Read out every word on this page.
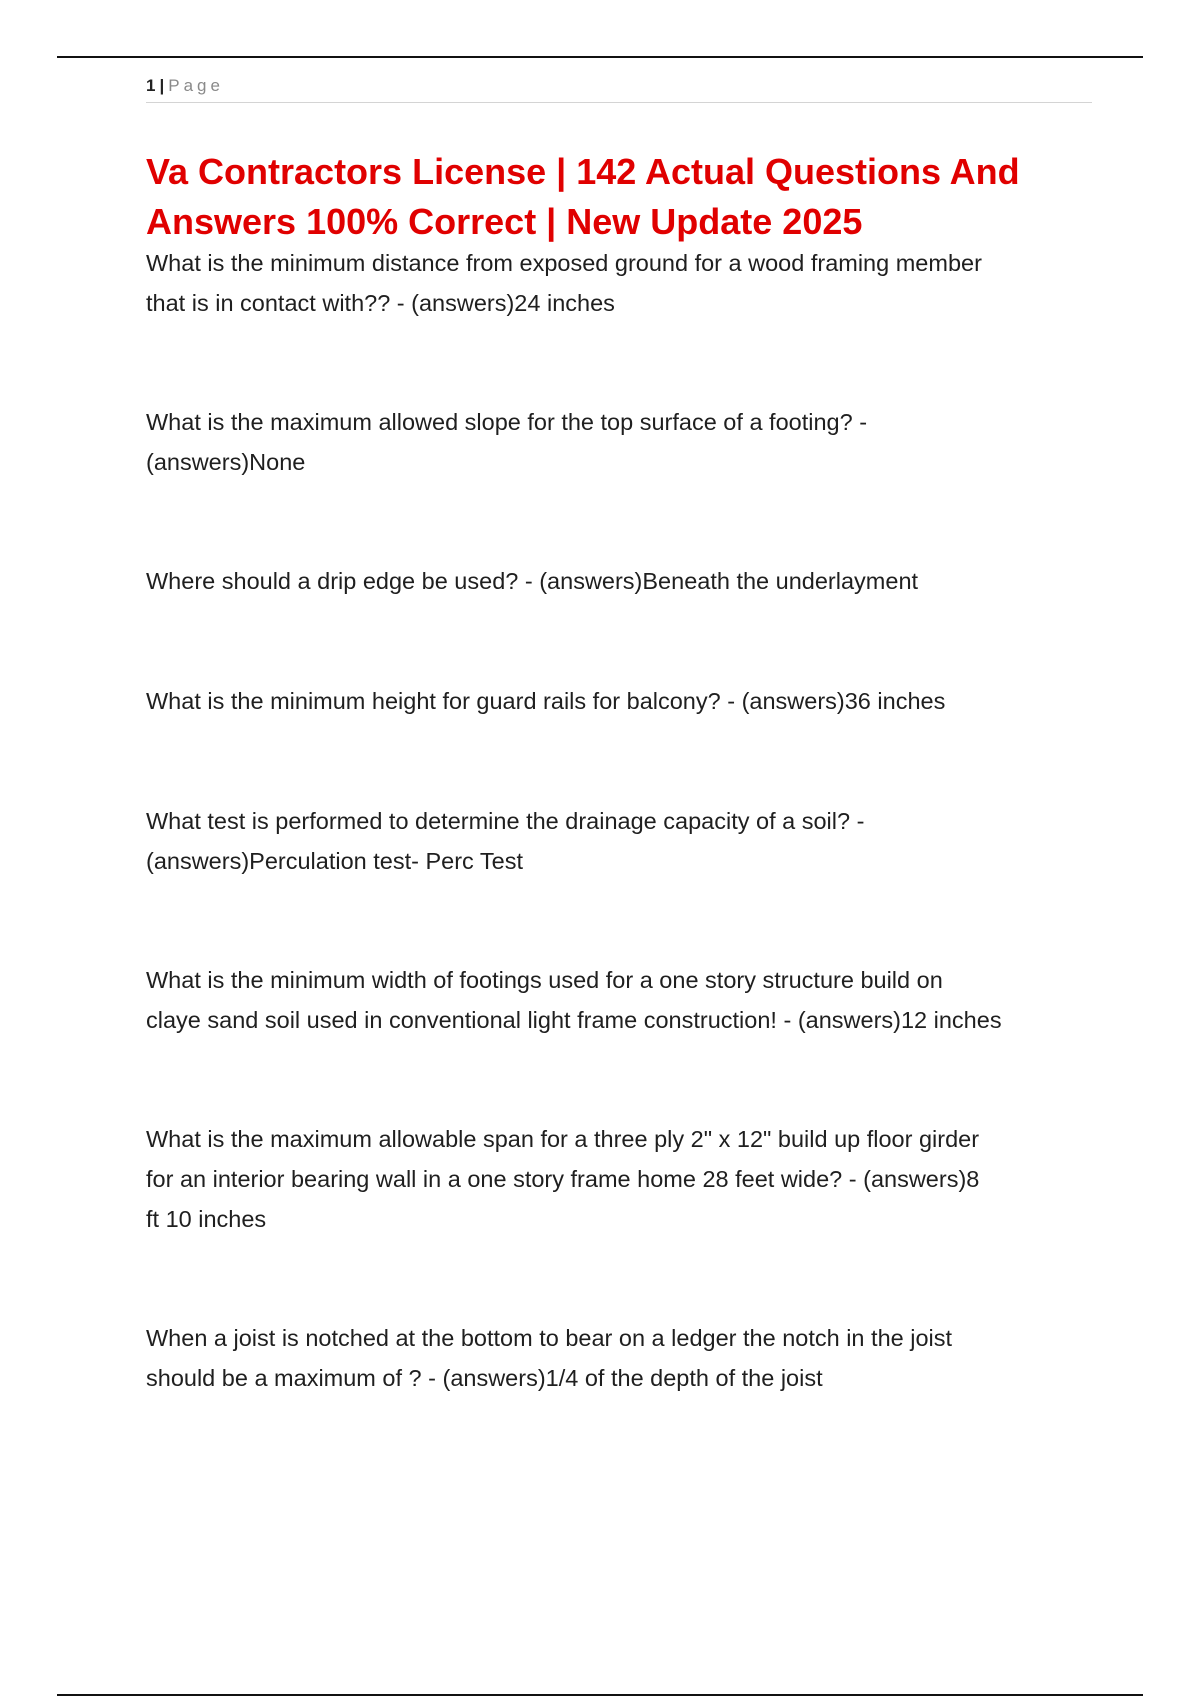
1 | Page
Va Contractors License | 142 Actual Questions And
Answers 100% Correct | New Update 2025

What is the minimum distance from exposed ground for a wood framing member
that is in contact with?? - (answers)24 inches

What is the maximum allowed slope for the top surface of a footing? -
(answers)None

Where should a drip edge be used? - (answers)Beneath the underlayment

What is the minimum height for guard rails for balcony? - (answers)36 inches

What test is performed to determine the drainage capacity of a soil? -
(answers)Perculation test- Perc Test

What is the minimum width of footings used for a one story structure build on
claye sand soil used in conventional light frame construction! - (answers)12 inches

What is the maximum allowable span for a three ply 2" x 12" build up floor girder
for an interior bearing wall in a one story frame home 28 feet wide? - (answers)8
ft 10 inches

When a joist is notched at the bottom to bear on a ledger the notch in the joist
should be a maximum of ? - (answers)1/4 of the depth of the joist
